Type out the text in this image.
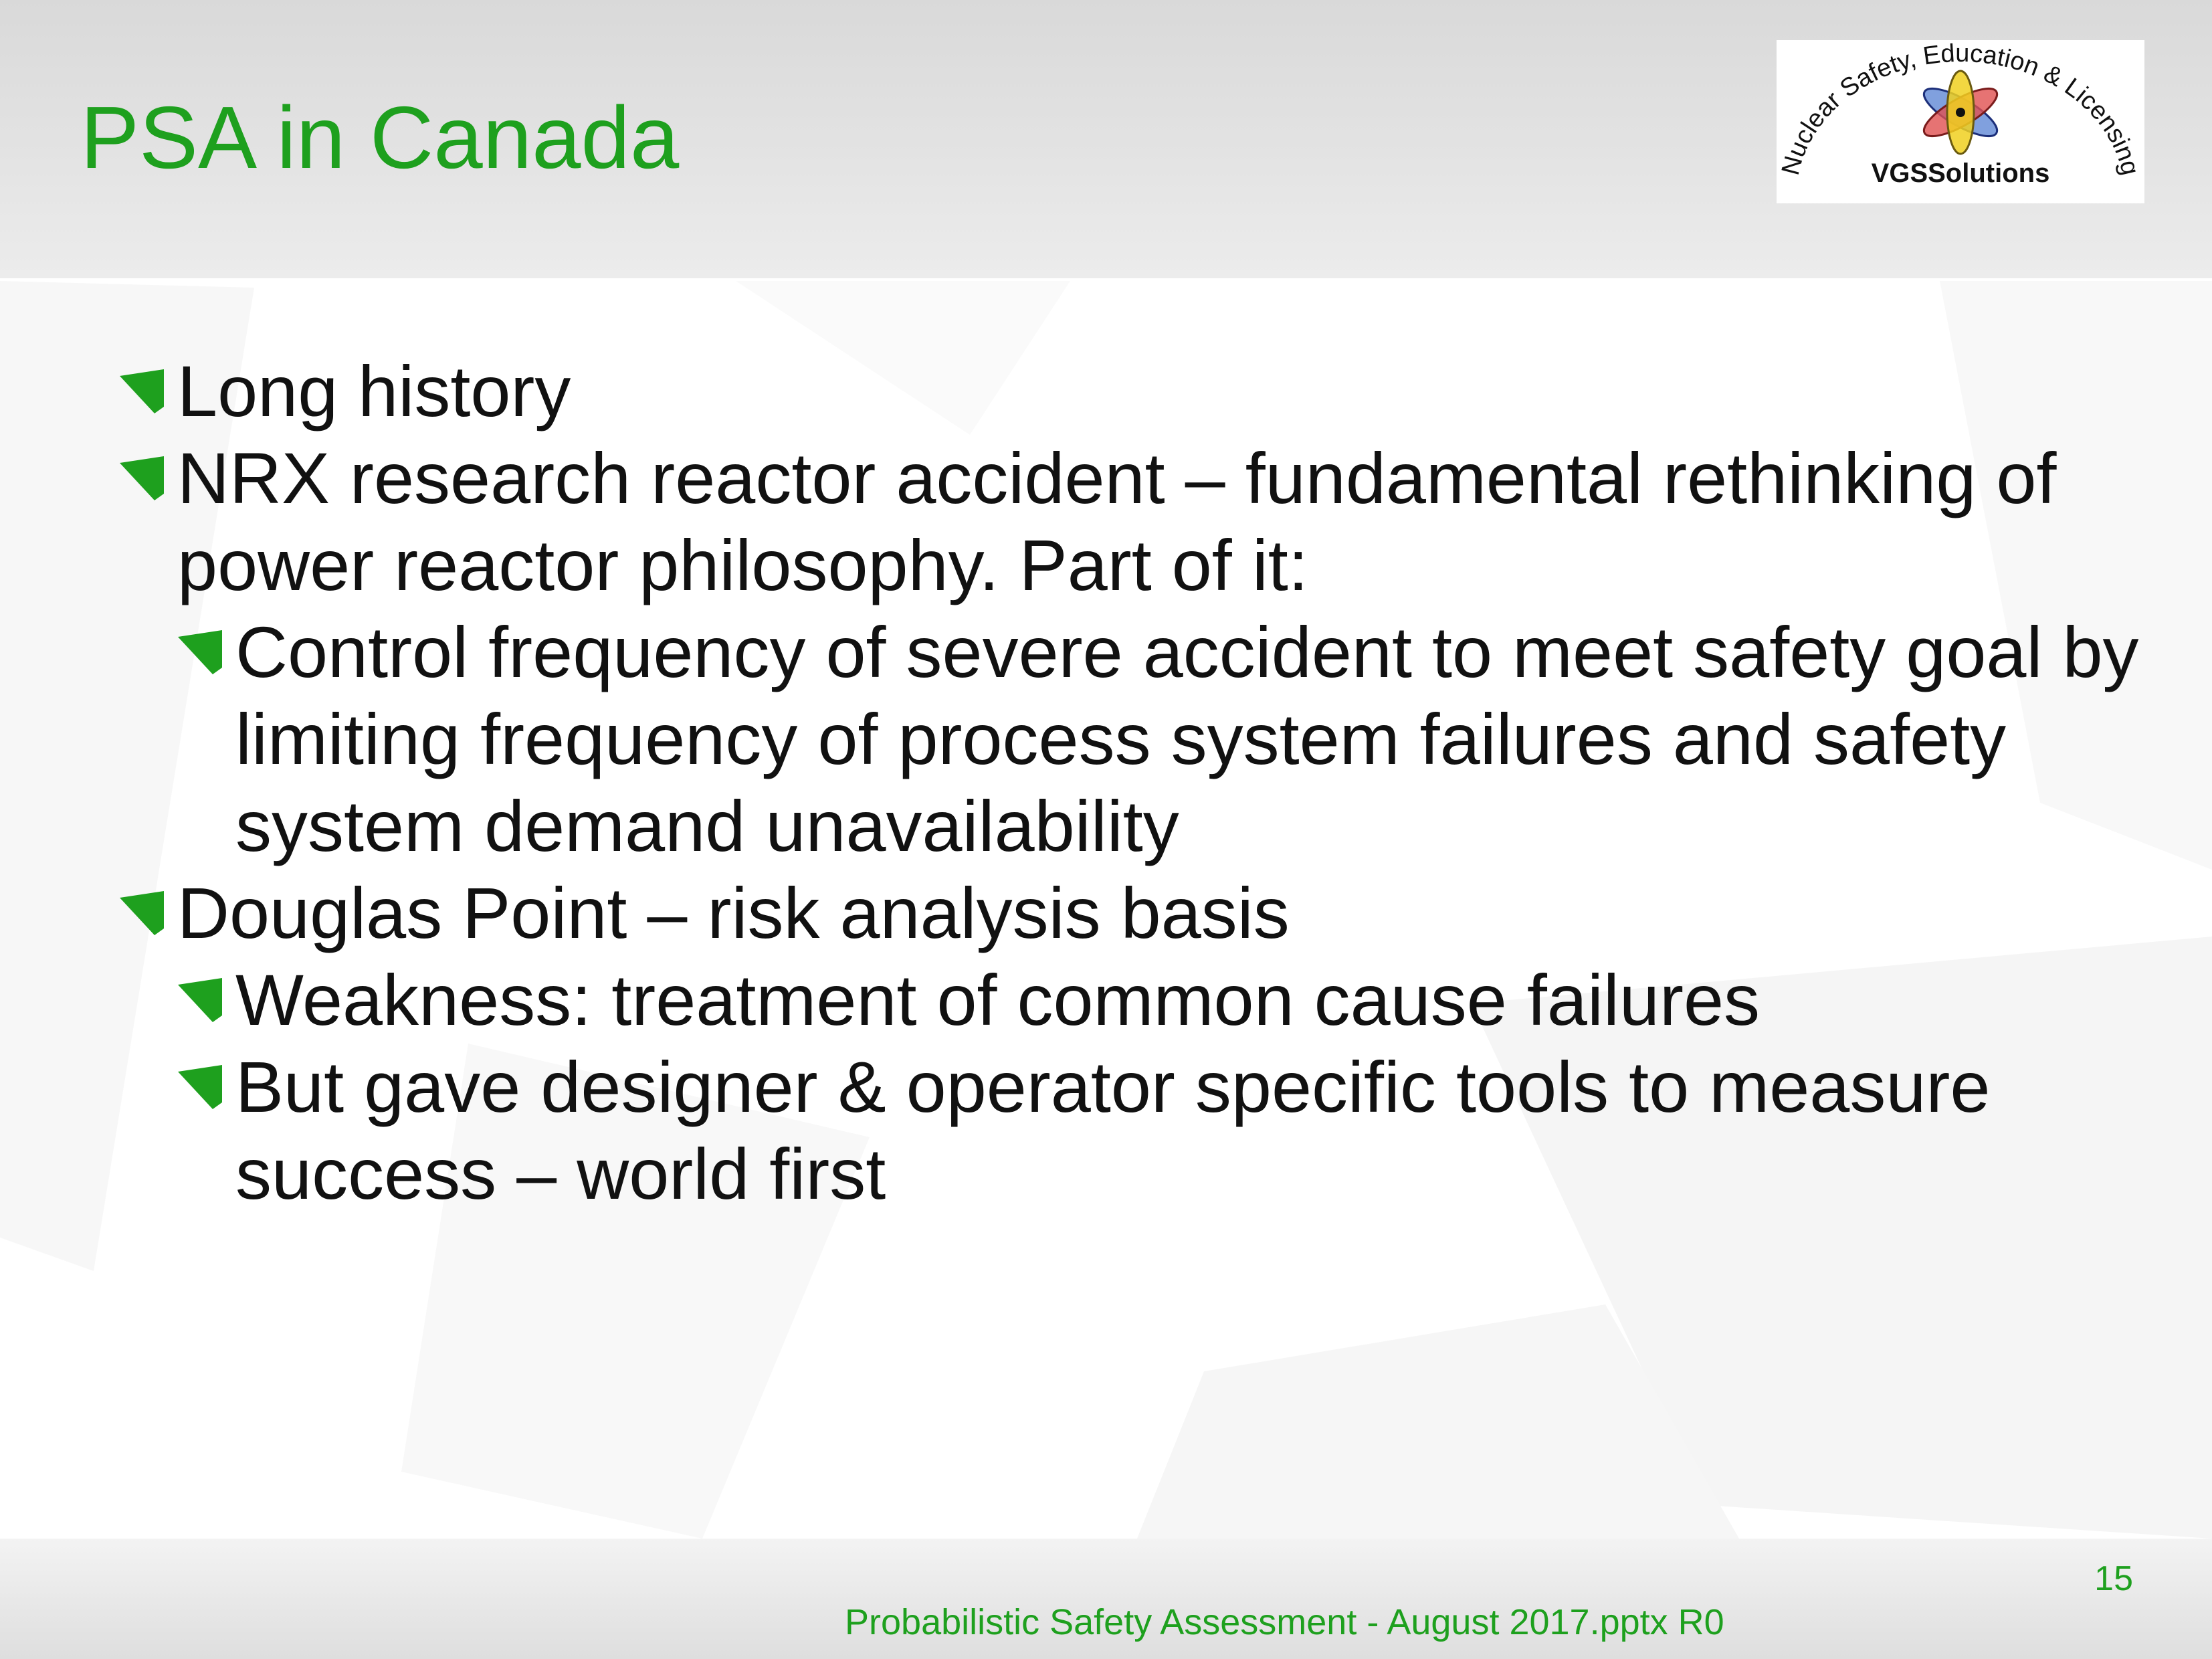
PSA in Canada	Nuclear Safety, Education & Licensing
VGSSolutions

Long history

NRX research reactor accident – fundamental rethinking of power reactor philosophy. Part of it:

Control frequency of severe accident to meet safety goal by limiting frequency of process system failures and safety system demand unavailability

Douglas Point – risk analysis basis

Weakness: treatment of common cause failures

But gave designer & operator specific tools to measure success – world first

15
Probabilistic Safety Assessment - August 2017.pptx R0
